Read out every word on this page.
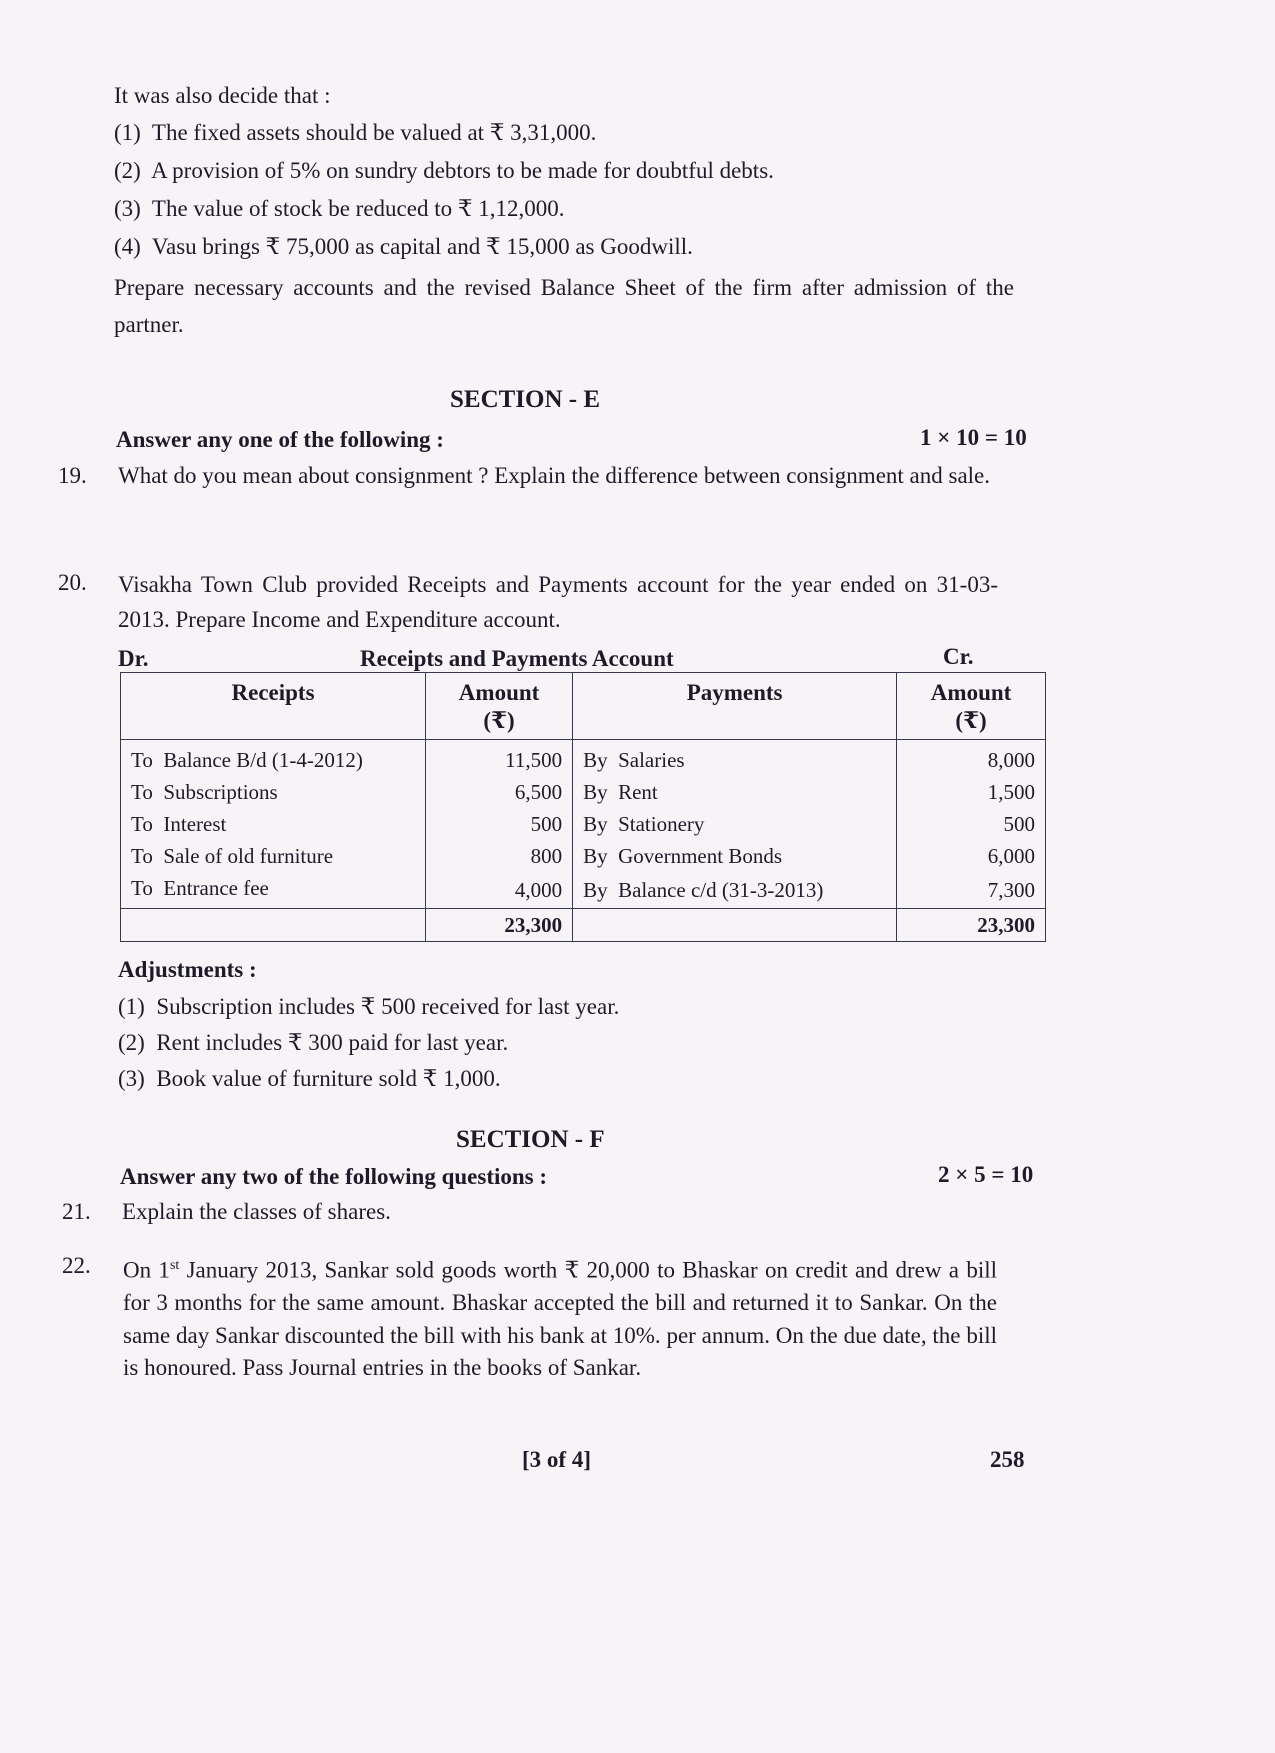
It was also decide that :
(1) The fixed assets should be valued at ₹ 3,31,000.
(2) A provision of 5% on sundry debtors to be made for doubtful debts.
(3) The value of stock be reduced to ₹ 1,12,000.
(4) Vasu brings ₹ 75,000 as capital and ₹ 15,000 as Goodwill.
Prepare necessary accounts and the revised Balance Sheet of the firm after admission of the partner.
SECTION - E
Answer any one of the following :	1 × 10 = 10
19. What do you mean about consignment ? Explain the difference between consignment and sale.
20. Visakha Town Club provided Receipts and Payments account for the year ended on 31-03-2013. Prepare Income and Expenditure account.
Dr.	Receipts and Payments Account	Cr.
Receipts	Amount (₹)	Payments	Amount (₹)
To Balance B/d (1-4-2012)	11,500	By Salaries	8,000
To Subscriptions	6,500	By Rent	1,500
To Interest	500	By Stationery	500
To Sale of old furniture	800	By Government Bonds	6,000
To Entrance fee	4,000	By Balance c/d (31-3-2013)	7,300
	23,300		23,300
Adjustments :
(1) Subscription includes ₹ 500 received for last year.
(2) Rent includes ₹ 300 paid for last year.
(3) Book value of furniture sold ₹ 1,000.
SECTION - F
Answer any two of the following questions :	2 × 5 = 10
21. Explain the classes of shares.
22. On 1st January 2013, Sankar sold goods worth ₹ 20,000 to Bhaskar on credit and drew a bill for 3 months for the same amount. Bhaskar accepted the bill and returned it to Sankar. On the same day Sankar discounted the bill with his bank at 10%. per annum. On the due date, the bill is honoured. Pass Journal entries in the books of Sankar.
[3 of 4]	258
